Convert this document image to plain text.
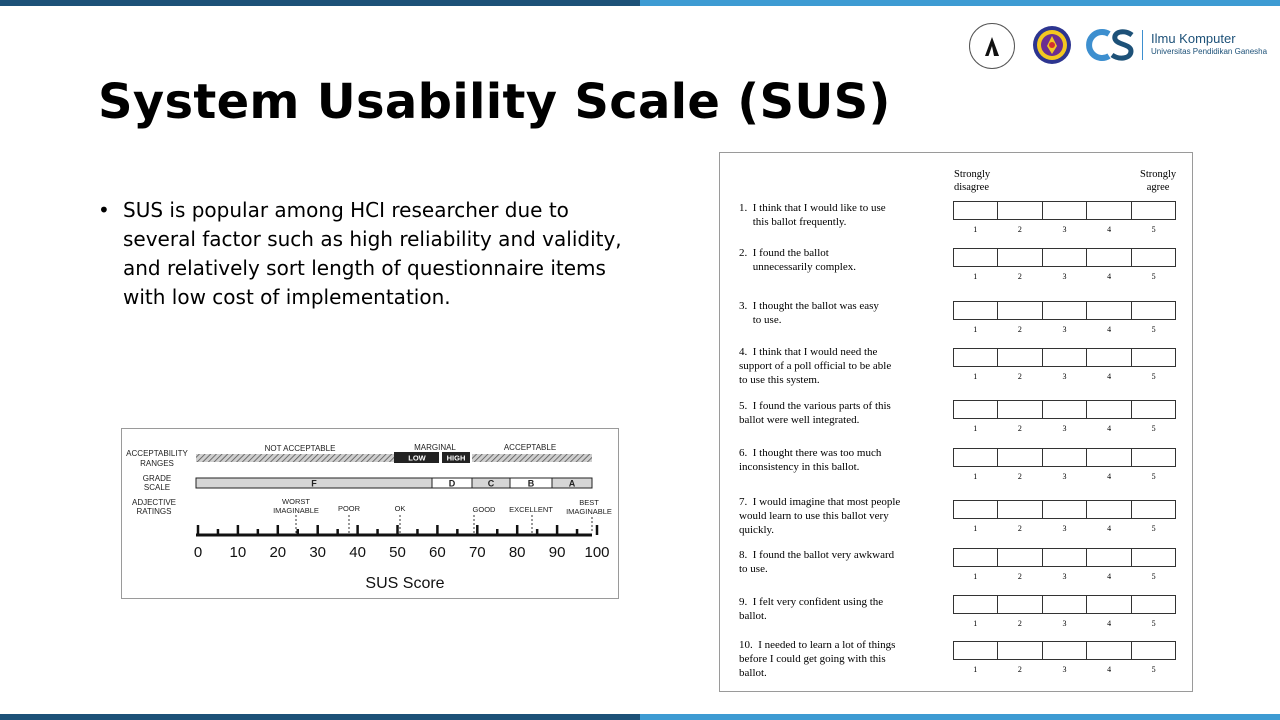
Ilmu Komputer
Universitas Pendidikan Ganesha
System Usability Scale (SUS)
• SUS is popular among HCI researcher due to several factor such as high reliability and validity, and relatively sort length of questionnaire items with low cost of implementation.
ACCEPTABILITY
RANGES
GRADE
SCALE
ADJECTIVE
RATINGS
NOT ACCEPTABLE	MARGINAL	ACCEPTABLE
LOW	HIGH
F	D	C	B	A
WORST
IMAGINABLE	POOR	OK	GOOD EXCELLENT
BEST
IMAGINABLE
0 10 20 30 40 50 60 70 80 90 100
SUS Score
Strongly
disagree
Strongly
agree
1.  I think that I would like to use
this ballot frequently.
1	2	3	4	5
2.  I found the ballot
unnecessarily complex.
1	2	3	4	5
3.  I thought the ballot was easy
to use.
1	2	3	4	5
4.  I think that I would need the
support of a poll official to be able
to use this system.	1	2	3	4	5
5.  I found the various parts of this
ballot were well integrated.
1	2	3	4	5
6.  I thought there was too much
inconsistency in this ballot.
1	2	3	4	5
7.  I would imagine that most people
would learn to use this ballot very
quickly.	1	2	3	4	5
8.  I found the ballot very awkward
to use.
1	2	3	4	5
9.  I felt very confident using the
ballot.
1	2	3	4	5
10.  I needed to learn a lot of things
before I could get going with this
ballot.	1	2	3	4	5
